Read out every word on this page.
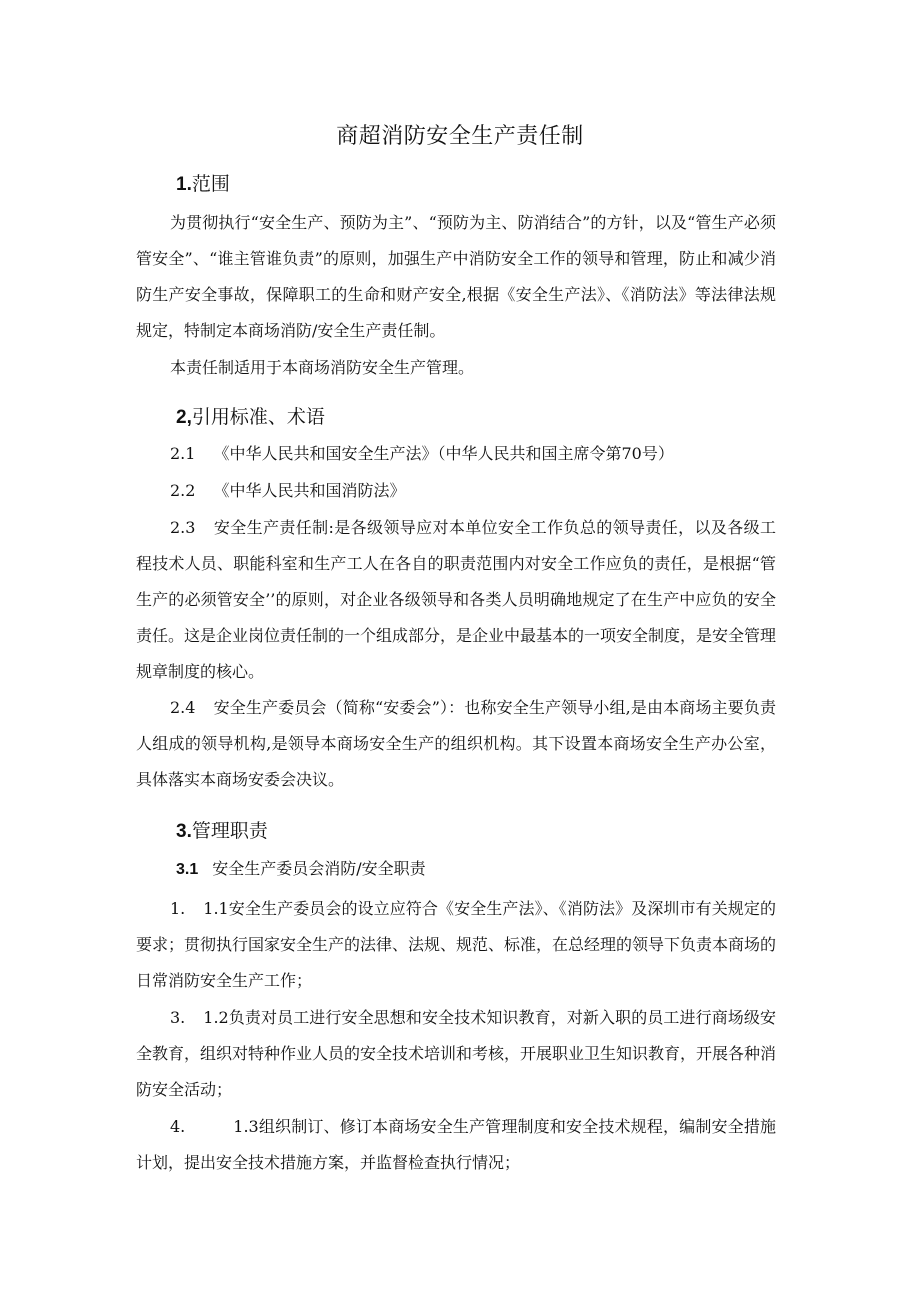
商超消防安全生产责任制
1.范围

为贯彻执行“安全生产、预防为主”、“预防为主、防消结合”的方针，以及“管生产必须管安全”、“谁主管谁负责”的原则，加强生产中消防安全工作的领导和管理，防止和减少消防生产安全事故，保障职工的生命和财产安全,根据《安全生产法》、《消防法》等法律法规规定，特制定本商场消防/安全生产责任制。

本责任制适用于本商场消防安全生产管理。

2,引用标准、术语

2.1 《中华人民共和国安全生产法》（中华人民共和国主席令第70号）

2.2 《中华人民共和国消防法》

2.3 安全生产责任制:是各级领导应对本单位安全工作负总的领导责任，以及各级工程技术人员、职能科室和生产工人在各自的职责范围内对安全工作应负的责任，是根据“管生产的必须管安全’’的原则，对企业各级领导和各类人员明确地规定了在生产中应负的安全责任。这是企业岗位责任制的一个组成部分，是企业中最基本的一项安全制度，是安全管理规章制度的核心。

2.4 安全生产委员会（简称“安委会”）：也称安全生产领导小组,是由本商场主要负责人组成的领导机构,是领导本商场安全生产的组织机构。其下设置本商场安全生产办公室，具体落实本商场安委会决议。

3.管理职责
3.1 安全生产委员会消防/安全职责

1. 1.1安全生产委员会的设立应符合《安全生产法》、《消防法》及深圳市有关规定的要求；贯彻执行国家安全生产的法律、法规、规范、标准，在总经理的领导下负责本商场的日常消防安全生产工作；

3. 1.2负责对员工进行安全思想和安全技术知识教育，对新入职的员工进行商场级安全教育，组织对特种作业人员的安全技术培训和考核，开展职业卫生知识教育，开展各种消防安全活动；

4.	1.3组织制订、修订本商场安全生产管理制度和安全技术规程，编制安全措施计划，提出安全技术措施方案，并监督检查执行情况；
